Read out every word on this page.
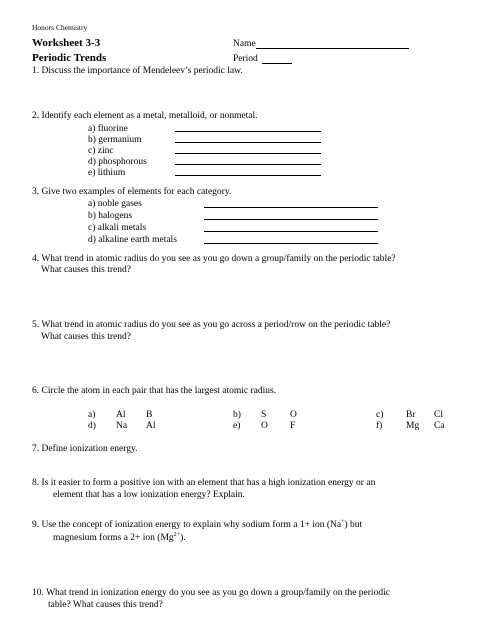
Honors Chemistry
Worksheet 3-3	Name
Periodic Trends	Period
1. Discuss the importance of Mendeleev’s periodic law.
2. Identify each element as a metal, metalloid, or nonmetal.
a) fluorine
b) germanium
c) zinc
d) phosphorous
e) lithium
3. Give two examples of elements for each category.
a) noble gases
b) halogens
c) alkali metals
d) alkaline earth metals
4. What trend in atomic radius do you see as you go down a group/family on the periodic table?
What causes this trend?
5. What trend in atomic radius do you see as you go across a period/row on the periodic table?
What causes this trend?
6. Circle the atom in each pair that has the largest atomic radius.
a) Al B	b) S O	c) Br Cl
d) Na Al	e) O F	f) Mg Ca
7. Define ionization energy.
8. Is it easier to form a positive ion with an element that has a high ionization energy or an
element that has a low ionization energy? Explain.
9. Use the concept of ionization energy to explain why sodium form a 1+ ion (Na+) but
magnesium forms a 2+ ion $(Mg^{2+})$.
10. What trend in ionization energy do you see as you go down a group/family on the periodic
table? What causes this trend?
